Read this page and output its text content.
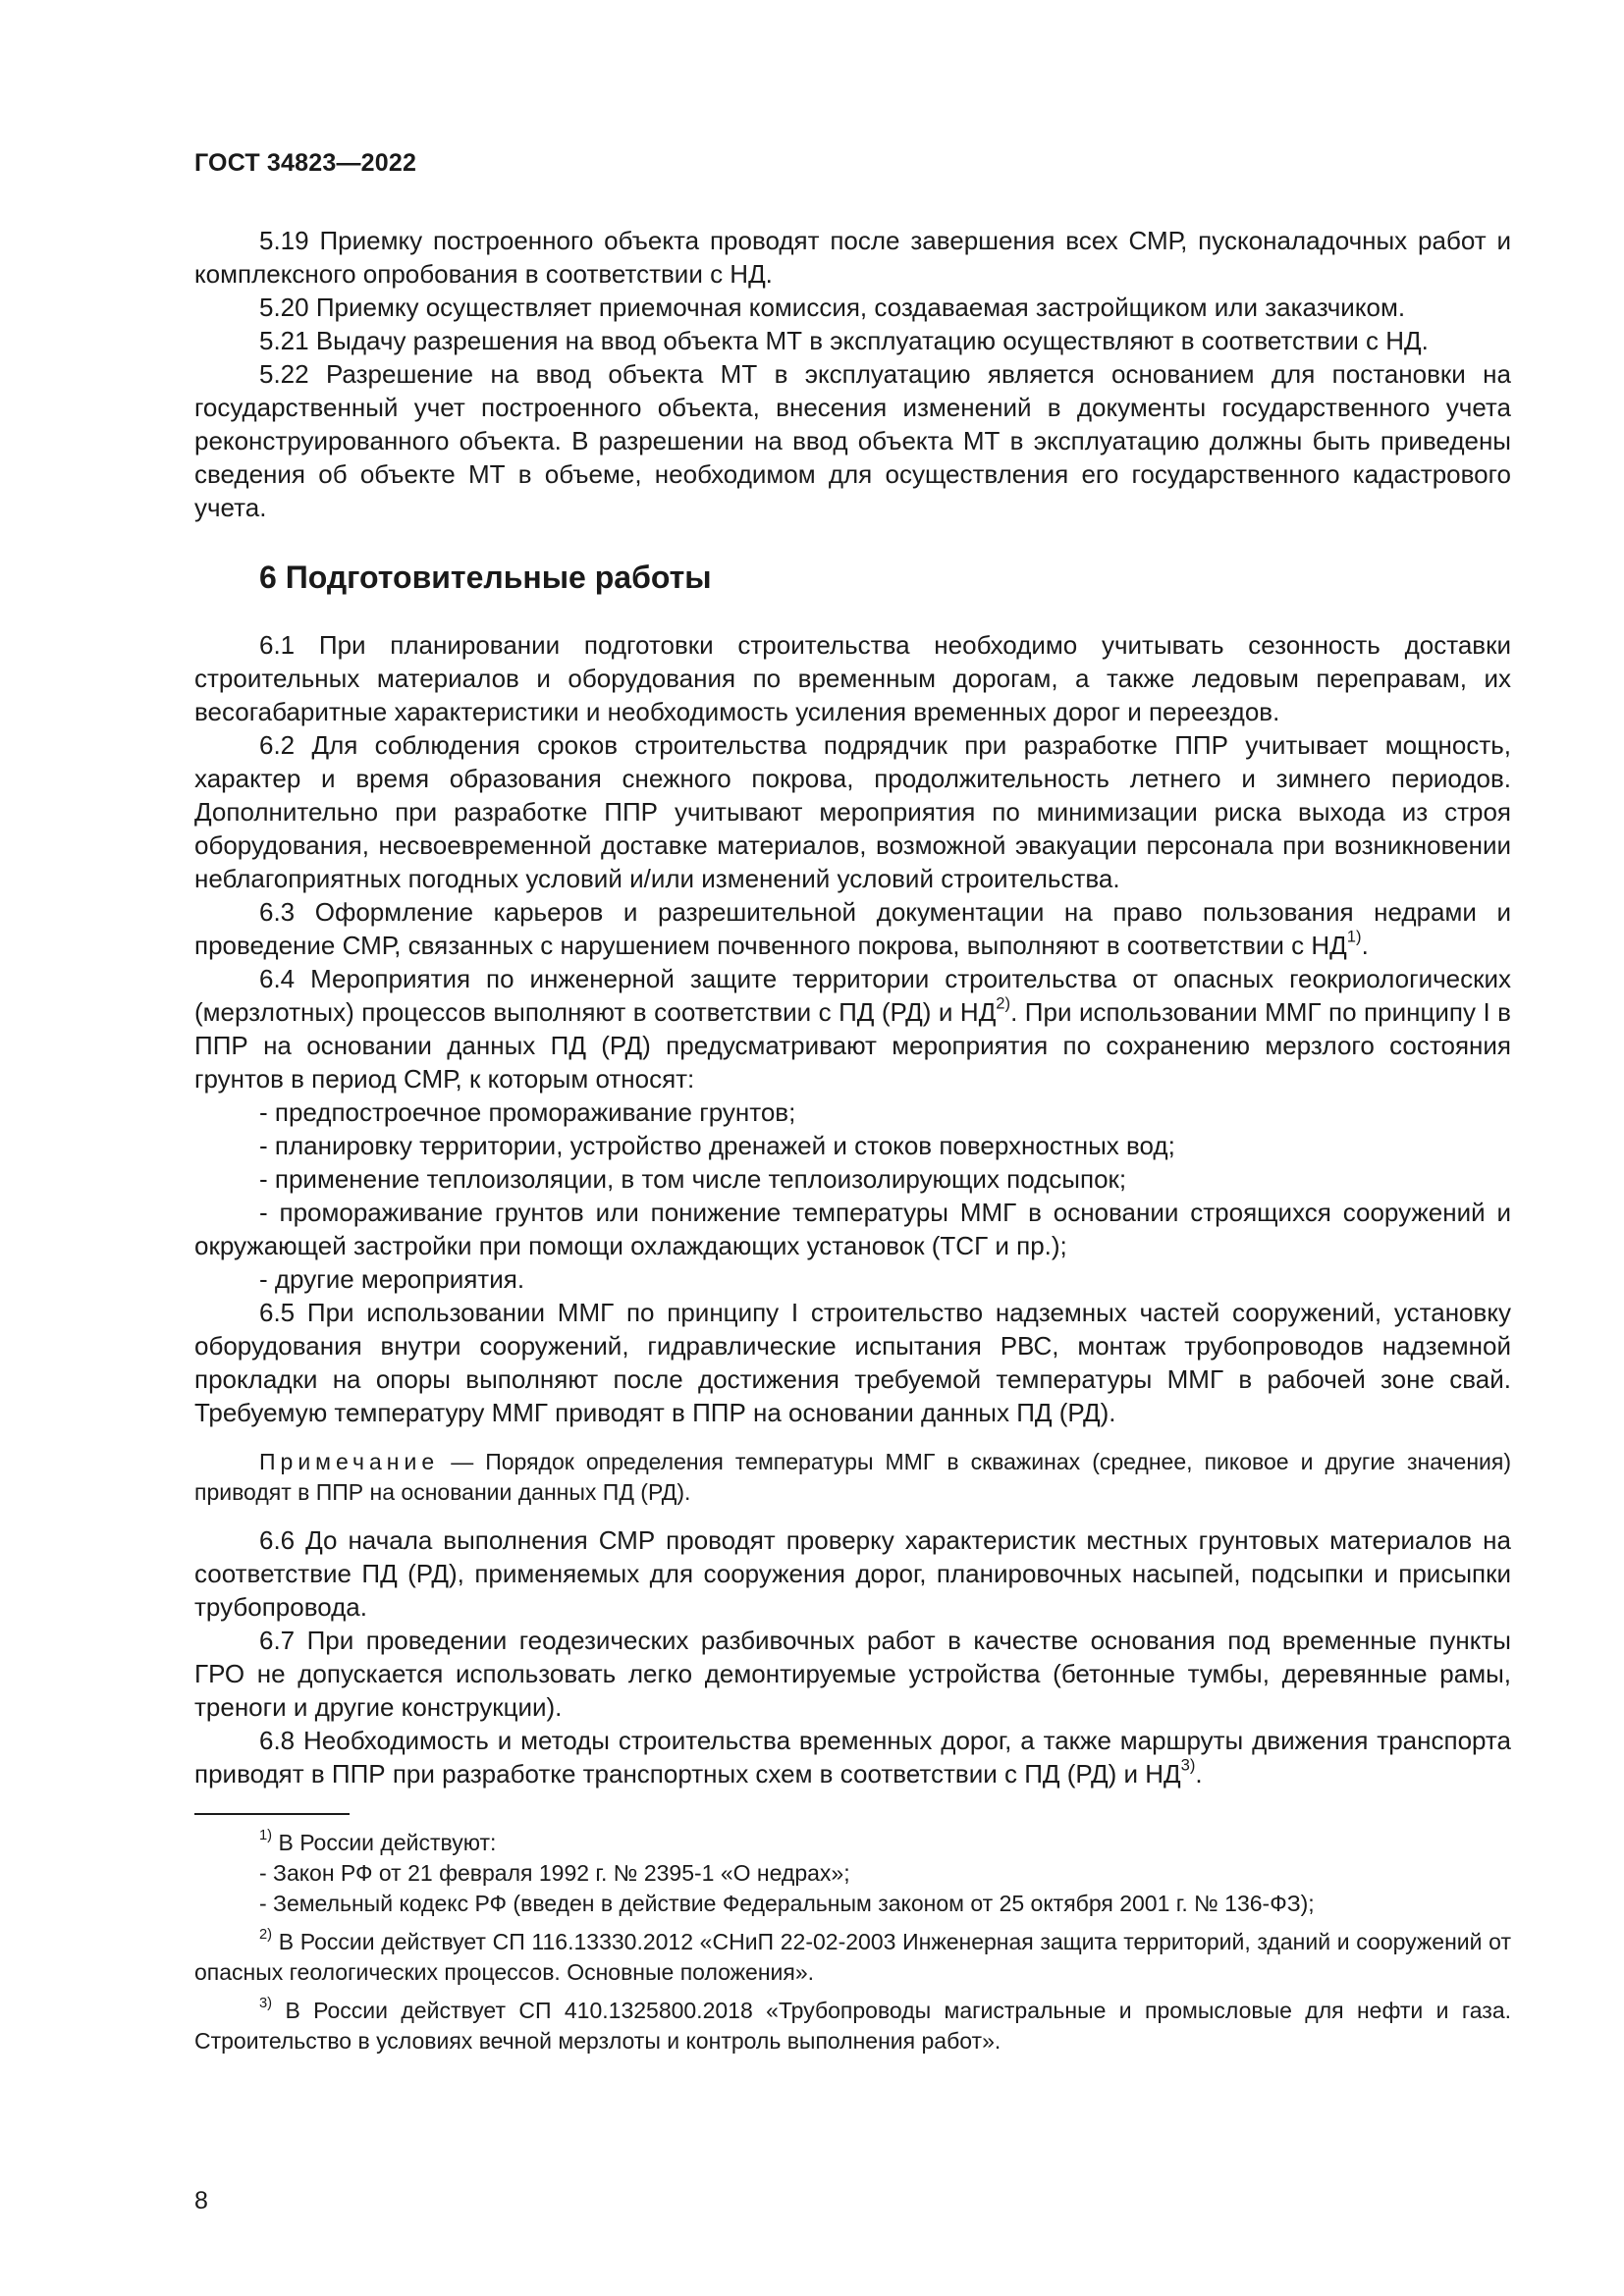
ГОСТ 34823—2022

5.19 Приемку построенного объекта проводят после завершения всех СМР, пусконаладочных работ и комплексного опробования в соответствии с НД.

5.20 Приемку осуществляет приемочная комиссия, создаваемая застройщиком или заказчиком.

5.21 Выдачу разрешения на ввод объекта МТ в эксплуатацию осуществляют в соответствии с НД.

5.22 Разрешение на ввод объекта МТ в эксплуатацию является основанием для постановки на государственный учет построенного объекта, внесения изменений в документы государственного учета реконструированного объекта. В разрешении на ввод объекта МТ в эксплуатацию должны быть приведены сведения об объекте МТ в объеме, необходимом для осуществления его государственного кадастрового учета.

6 Подготовительные работы

6.1 При планировании подготовки строительства необходимо учитывать сезонность доставки строительных материалов и оборудования по временным дорогам, а также ледовым переправам, их весогабаритные характеристики и необходимость усиления временных дорог и переездов.

6.2 Для соблюдения сроков строительства подрядчик при разработке ППР учитывает мощность, характер и время образования снежного покрова, продолжительность летнего и зимнего периодов. Дополнительно при разработке ППР учитывают мероприятия по минимизации риска выхода из строя оборудования, несвоевременной доставке материалов, возможной эвакуации персонала при возникновении неблагоприятных погодных условий и/или изменений условий строительства.

6.3 Оформление карьеров и разрешительной документации на право пользования недрами и проведение СМР, связанных с нарушением почвенного покрова, выполняют в соответствии с НД$^{1)}$.

6.4 Мероприятия по инженерной защите территории строительства от опасных геокриологических (мерзлотных) процессов выполняют в соответствии с ПД (РД) и НД$^{2)}$. При использовании ММГ по принципу I в ППР на основании данных ПД (РД) предусматривают мероприятия по сохранению мерзлого состояния грунтов в период СМР, к которым относят:

- предпостроечное промораживание грунтов;

- планировку территории, устройство дренажей и стоков поверхностных вод;

- применение теплоизоляции, в том числе теплоизолирующих подсыпок;

- промораживание грунтов или понижение температуры ММГ в основании строящихся сооружений и окружающей застройки при помощи охлаждающих установок (ТСГ и пр.);

- другие мероприятия.

6.5 При использовании ММГ по принципу I строительство надземных частей сооружений, установку оборудования внутри сооружений, гидравлические испытания РВС, монтаж трубопроводов надземной прокладки на опоры выполняют после достижения требуемой температуры ММГ в рабочей зоне свай. Требуемую температуру ММГ приводят в ППР на основании данных ПД (РД).

Примечание — Порядок определения температуры ММГ в скважинах (среднее, пиковое и другие значения) приводят в ППР на основании данных ПД (РД).

6.6 До начала выполнения СМР проводят проверку характеристик местных грунтовых материалов на соответствие ПД (РД), применяемых для сооружения дорог, планировочных насыпей, подсыпки и присыпки трубопровода.

6.7 При проведении геодезических разбивочных работ в качестве основания под временные пункты ГРО не допускается использовать легко демонтируемые устройства (бетонные тумбы, деревянные рамы, треноги и другие конструкции).

6.8 Необходимость и методы строительства временных дорог, а также маршруты движения транспорта приводят в ППР при разработке транспортных схем в соответствии с ПД (РД) и НД$^{3)}$.

$^{1)}$ В России действуют:

- Закон РФ от 21 февраля 1992 г. № 2395-1 «О недрах»;

- Земельный кодекс РФ (введен в действие Федеральным законом от 25 октября 2001 г. № 136-ФЗ);

$^{2)}$ В России действует СП 116.13330.2012 «СНиП 22-02-2003 Инженерная защита территорий, зданий и сооружений от опасных геологических процессов. Основные положения».

$^{3)}$ В России действует СП 410.1325800.2018 «Трубопроводы магистральные и промысловые для нефти и газа. Строительство в условиях вечной мерзлоты и контроль выполнения работ».

8
